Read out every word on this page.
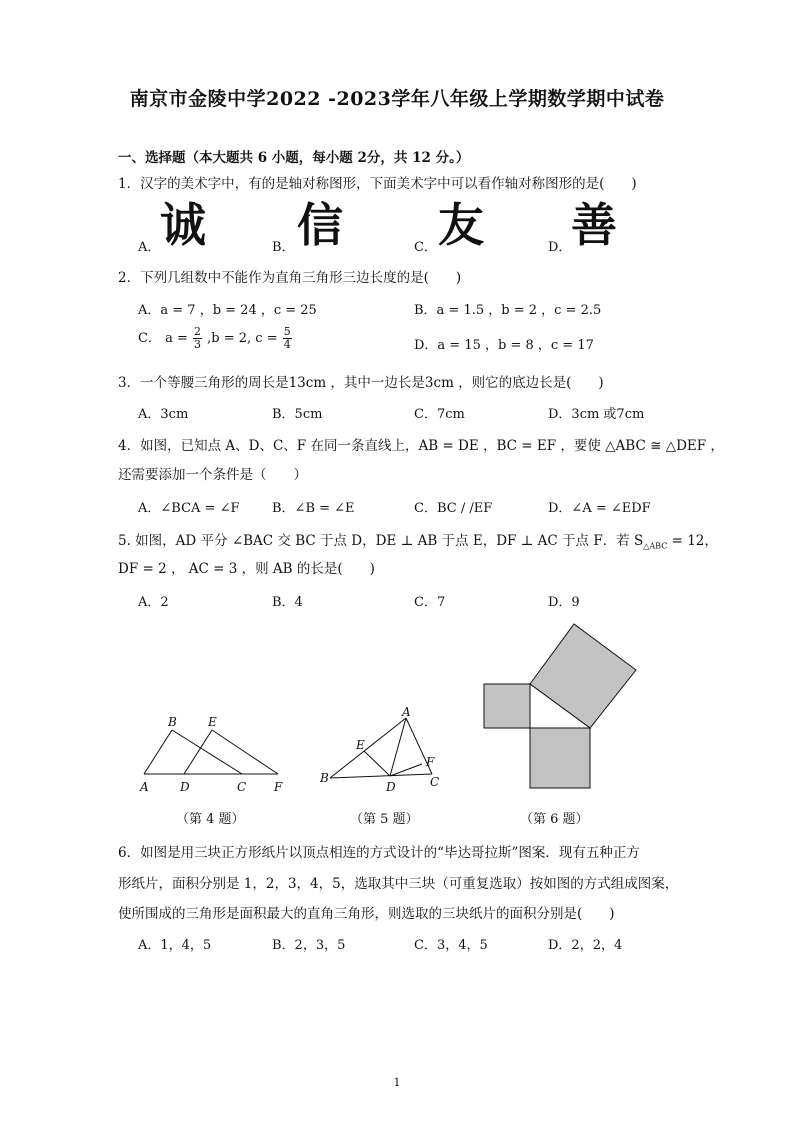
南京市金陵中学2022 -2023学年八年级上学期数学期中试卷
一、选择题（本大题共 6 小题，每小题 2分，共 12 分。）
1．汉字的美术字中，有的是轴对称图形，下面美术字中可以看作轴对称图形的是(　　)
A． 诚	B． 信	C． 友	D． 善
2．下列几组数中不能作为直角三角形三边长度的是(　　)
A．a = 7 ，b = 24 ，c = 25	B．a = 1.5 ，b = 2 ，c = 2.5
C． $a = \frac{2}{3} ,b = 2$, $c = \frac{5}{4}$	D．a = 15 ，b = 8 ，c = 17
3．一个等腰三角形的周长是13cm ，其中一边长是3cm ，则它的底边长是(　　)
A．3cm	B．5cm	C．7cm	D．3cm 或7cm
4．如图，已知点 A、D、C、F 在同一条直线上，AB = DE ，BC = EF ，要使 △ABC ≅ △DEF ，
还需要添加一个条件是（　　）
A．∠BCA = ∠F	B．∠B = ∠E	C．BC / /EF	D．∠A = ∠EDF
5. 如图，AD 平分 ∠BAC 交 BC 于点 D，DE ⊥ AB 于点 E，DF ⊥ AC 于点 F．若 $S_{\triangle ABC} = 12$，
DF = 2 ， AC = 3 ，则 AB 的长是(　　)
A．2	B．4	C．7	D．9
A
B
D
E
C F
（第 4 题）
A
E
B
D
F
C
（第 5 题）	（第 6 题）
6．如图是用三块正方形纸片以顶点相连的方式设计的“毕达哥拉斯”图案．现有五种正方
形纸片，面积分别是 1，2，3，4，5，选取其中三块（可重复选取）按如图的方式组成图案，
使所围成的三角形是面积最大的直角三角形，则选取的三块纸片的面积分别是(　　)
A．1，4，5	B．2，3，5	C．3，4，5	D．2，2，4
1
